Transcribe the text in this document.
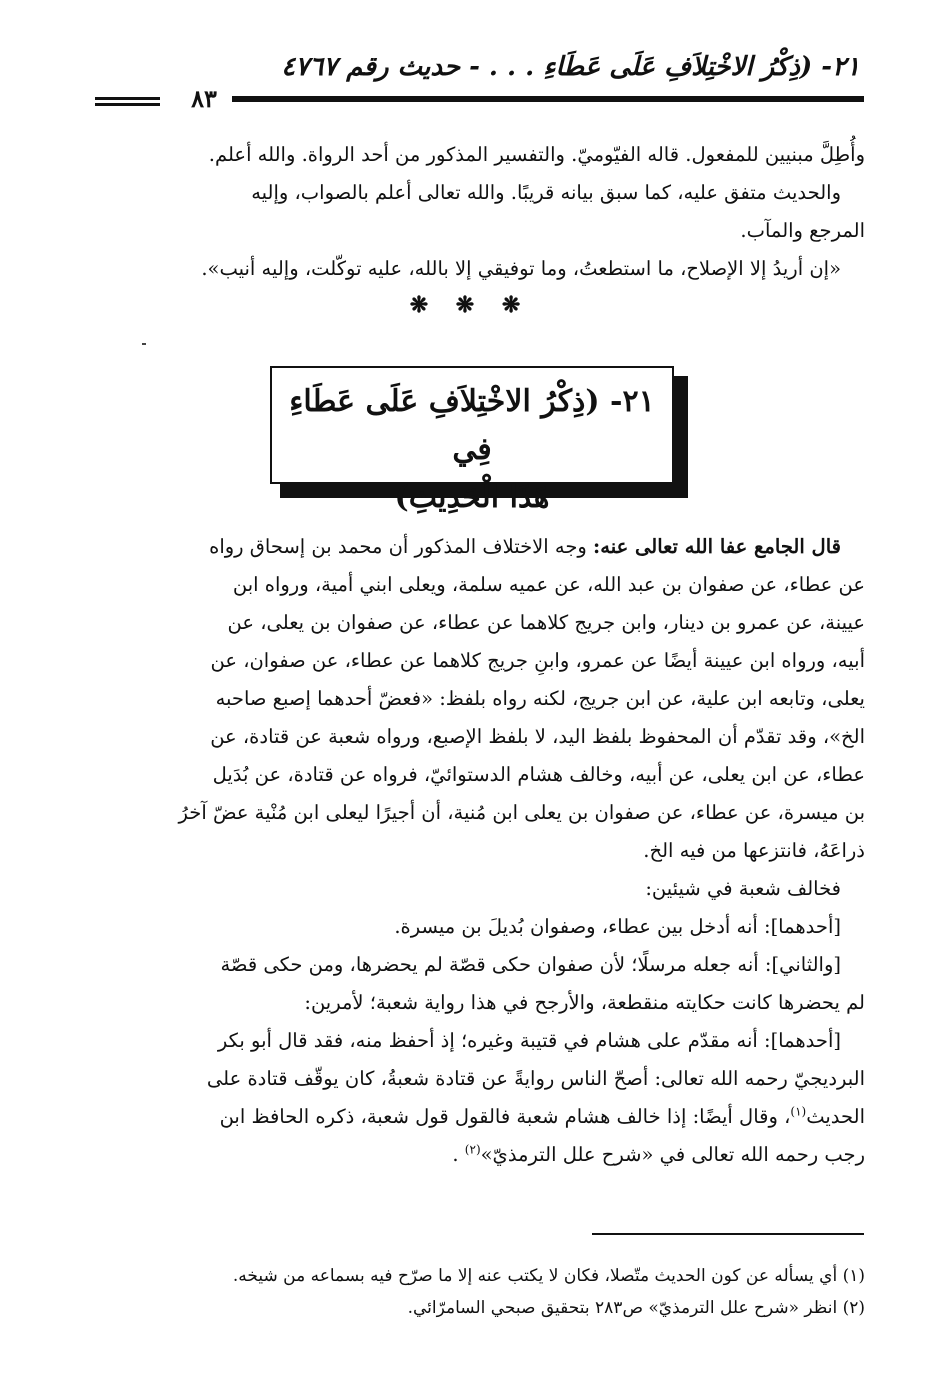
٢١- (ذِكْرُ الاخْتِلاَفِ عَلَى عَطَاءِ . . . - حديث رقم ٤٧٦٧
٨٣
وأُطِلَّ مبنيين للمفعول. قاله الفيّوميّ. والتفسير المذكور من أحد الرواة. والله أعلم.
والحديث متفق عليه، كما سبق بيانه قريبًا. والله تعالى أعلم بالصواب، وإليه
المرجع والمآب.
«إن أريدُ إلا الإصلاح، ما استطعتُ، وما توفيقي إلا بالله، عليه توكّلت، وإليه أنيب».
❋ ❋ ❋
٢١- (ذِكْرُ الاخْتِلاَفِ عَلَى عَطَاءِ فِي
هَذَا الْحَدِيثِ)
قال الجامع عفا الله تعالى عنه: وجه الاختلاف المذكور أن محمد بن إسحاق رواه
عن عطاء، عن صفوان بن عبد الله، عن عميه سلمة، ويعلى ابني أمية، ورواه ابن
عيينة، عن عمرو بن دينار، وابن جريج كلاهما عن عطاء، عن صفوان بن يعلى، عن
أبيه، ورواه ابن عيينة أيضًا عن عمرو، وابنِ جريج كلاهما عن عطاء، عن صفوان، عن
يعلى، وتابعه ابن علية، عن ابن جريج، لكنه رواه بلفظ: «فعضّ أحدهما إصبع صاحبه
الخ»، وقد تقدّم أن المحفوظ بلفظ اليد، لا بلفظ الإصبع، ورواه شعبة عن قتادة، عن
عطاء، عن ابن يعلى، عن أبيه، وخالف هشام الدستوائيّ، فرواه عن قتادة، عن بُدَيل
بن ميسرة، عن عطاء، عن صفوان بن يعلى ابن مُنية، أن أجيرًا ليعلى ابن مُنْية عضّ آخرُ
ذراعَهُ، فانتزعها من فيه الخ.
فخالف شعبة في شيئين:
[أحدهما]: أنه أدخل بين عطاء، وصفوان بُديلَ بن ميسرة.
[والثاني]: أنه جعله مرسلًا؛ لأن صفوان حكى قصّة لم يحضرها، ومن حكى قصّة
لم يحضرها كانت حكايته منقطعة، والأرجح في هذا رواية شعبة؛ لأمرين:
[أحدهما]: أنه مقدّم على هشام في قتيبة وغيره؛ إذ أحفظ منه، فقد قال أبو بكر
البرديجيّ رحمه الله تعالى: أصحّ الناس روايةً عن قتادة شعبةُ، كان يوقّف قتادة على
الحديث$^{(١)}$، وقال أيضًا: إذا خالف هشام شعبة فالقول قول شعبة، ذكره الحافظ ابن
رجب رحمه الله تعالى في «شرح علل الترمذيّ»$^{(٢)}$ .
(١) أي يسأله عن كون الحديث متّصلا، فكان لا يكتب عنه إلا ما صرّح فيه بسماعه من شيخه.
(٢) انظر «شرح علل الترمذيّ» ص٢٨٣ بتحقيق صبحي السامرّائي.
